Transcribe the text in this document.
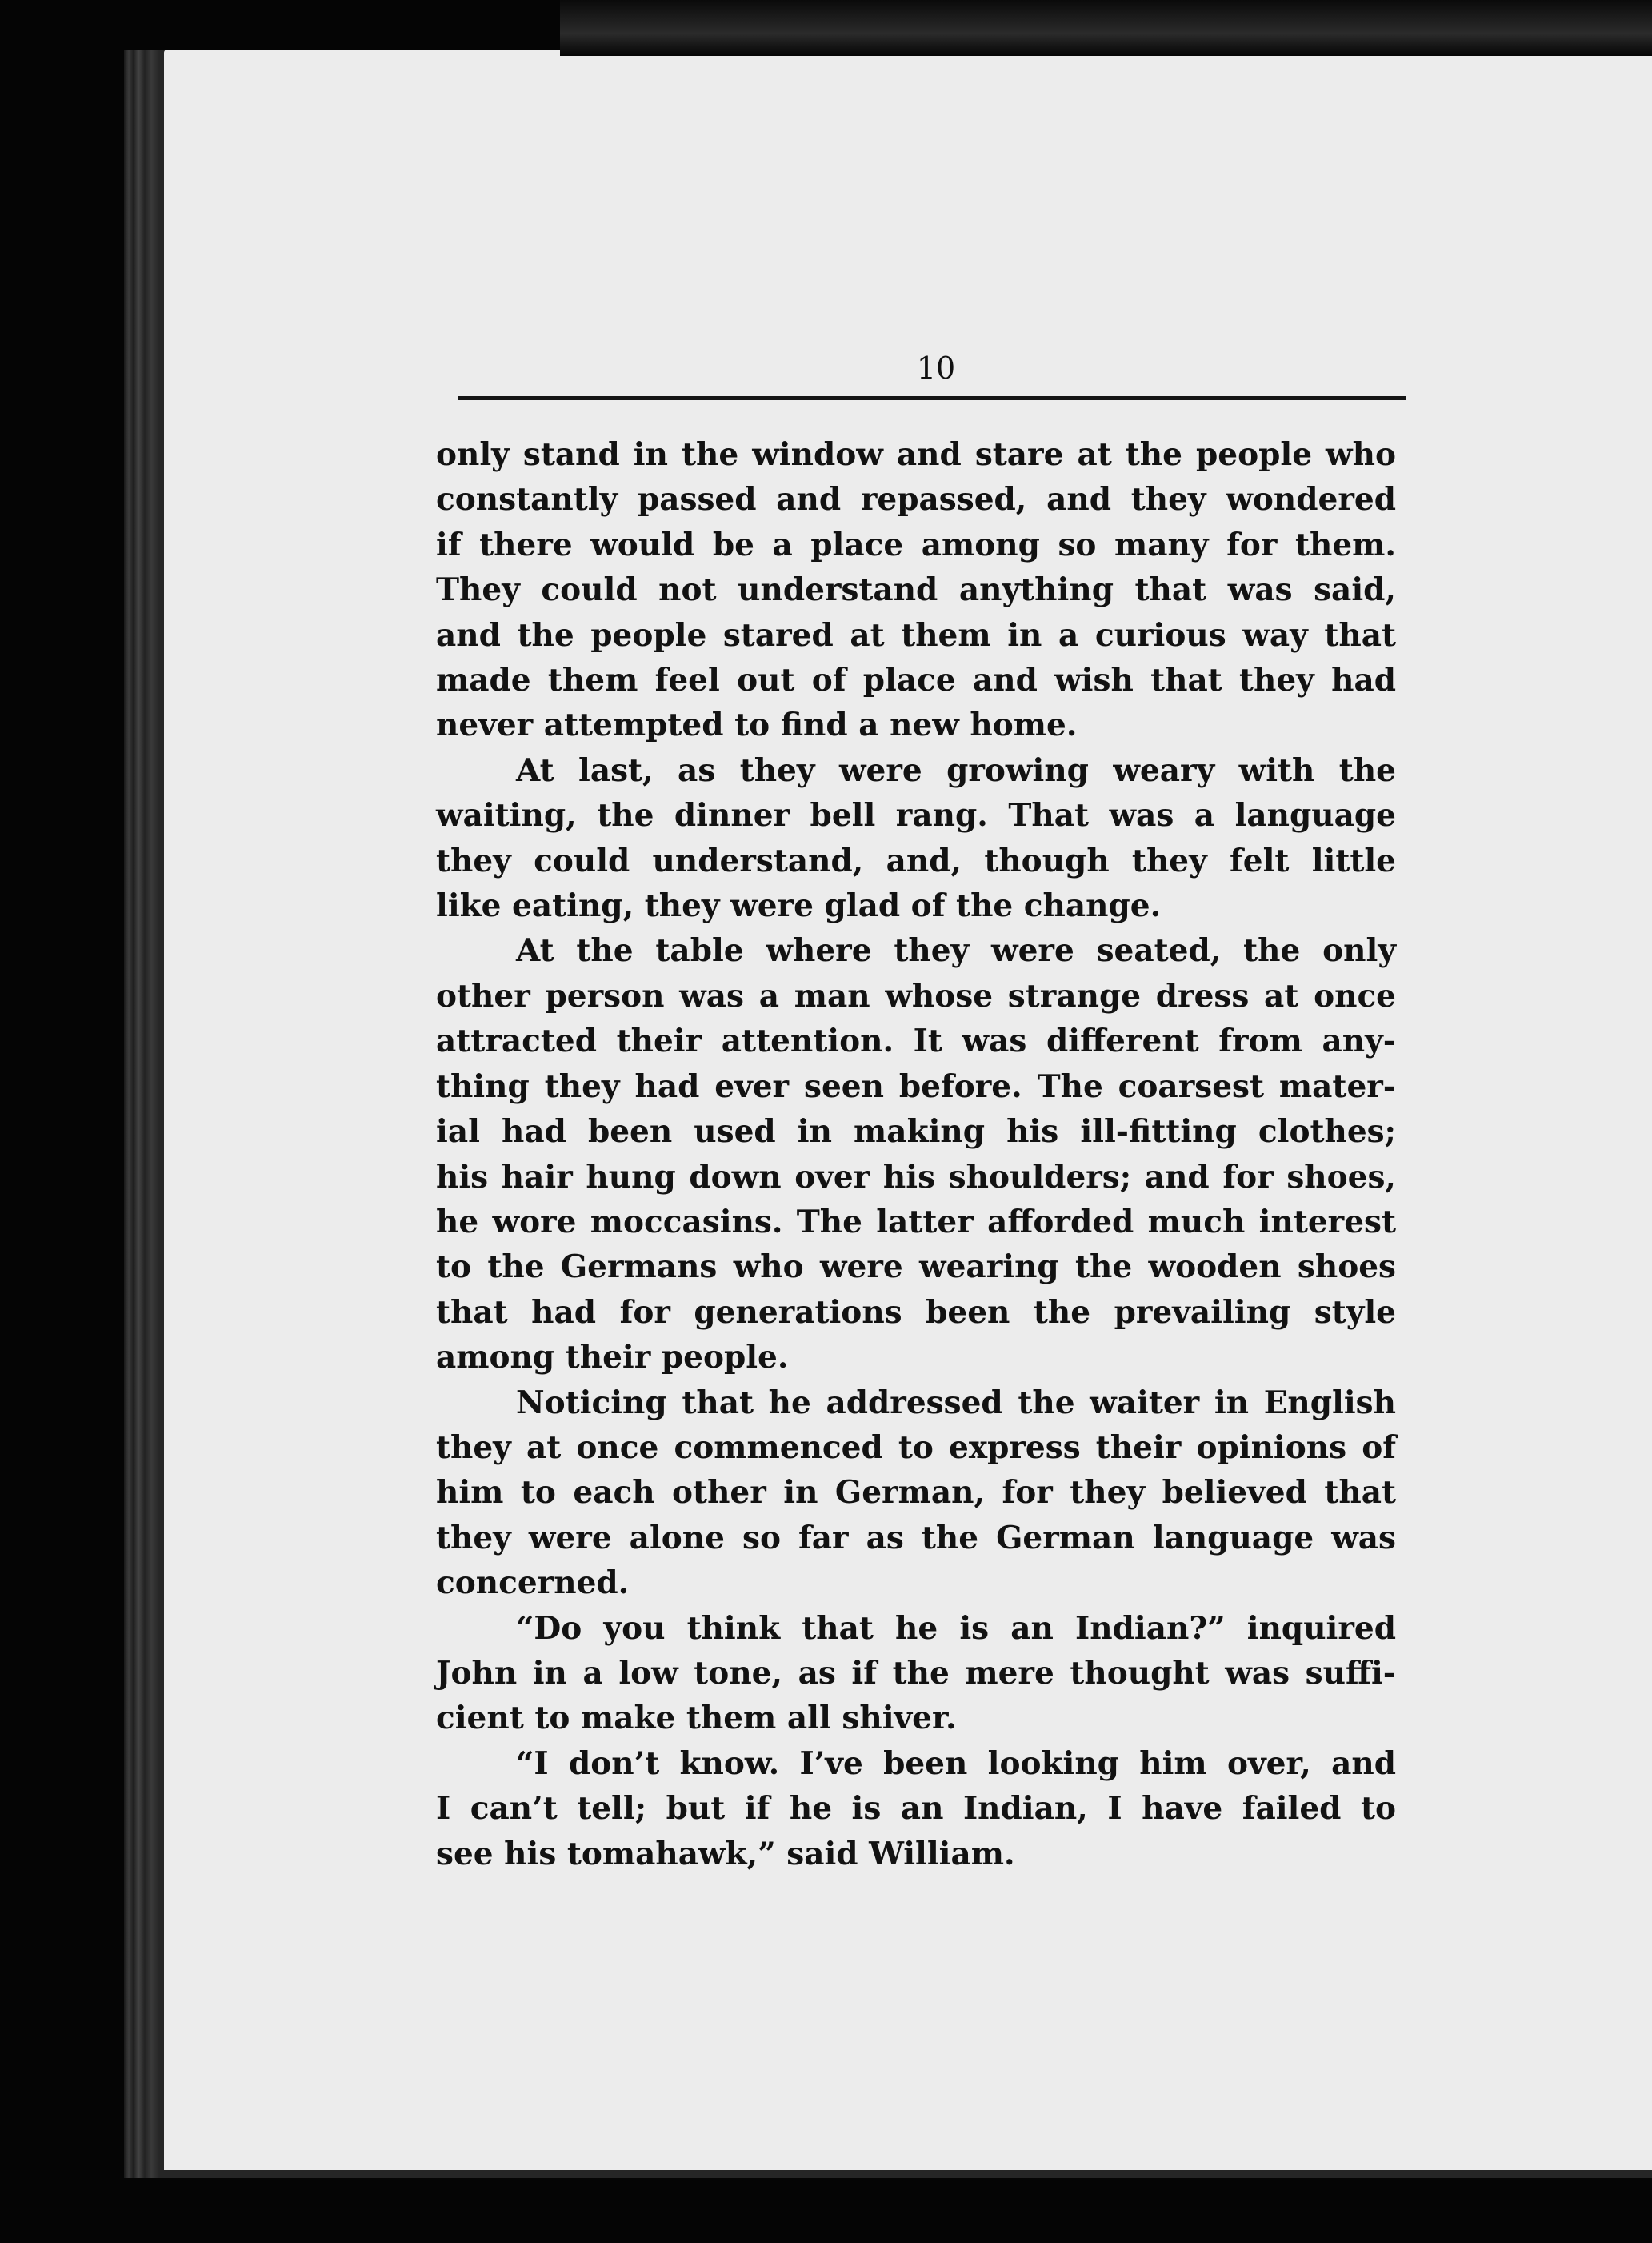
10
only stand in the window and stare at the people who
constantly passed and repassed, and they wondered
if there would be a place among so many for them.
They could not understand anything that was said,
and the people stared at them in a curious way that
made them feel out of place and wish that they had
never attempted to find a new home.
At last, as they were growing weary with the
waiting, the dinner bell rang. That was a language
they could understand, and, though they felt little
like eating, they were glad of the change.
At the table where they were seated, the only
other person was a man whose strange dress at once
attracted their attention. It was different from any-
thing they had ever seen before. The coarsest mater-
ial had been used in making his ill-fitting clothes;
his hair hung down over his shoulders; and for shoes,
he wore moccasins. The latter afforded much interest
to the Germans who were wearing the wooden shoes
that had for generations been the prevailing style
among their people.
Noticing that he addressed the waiter in English
they at once commenced to express their opinions of
him to each other in German, for they believed that
they were alone so far as the German language was
concerned.
“Do you think that he is an Indian?” inquired
John in a low tone, as if the mere thought was suffi-
cient to make them all shiver.
“I don’t know. I’ve been looking him over, and
I can’t tell; but if he is an Indian, I have failed to
see his tomahawk,” said William.
